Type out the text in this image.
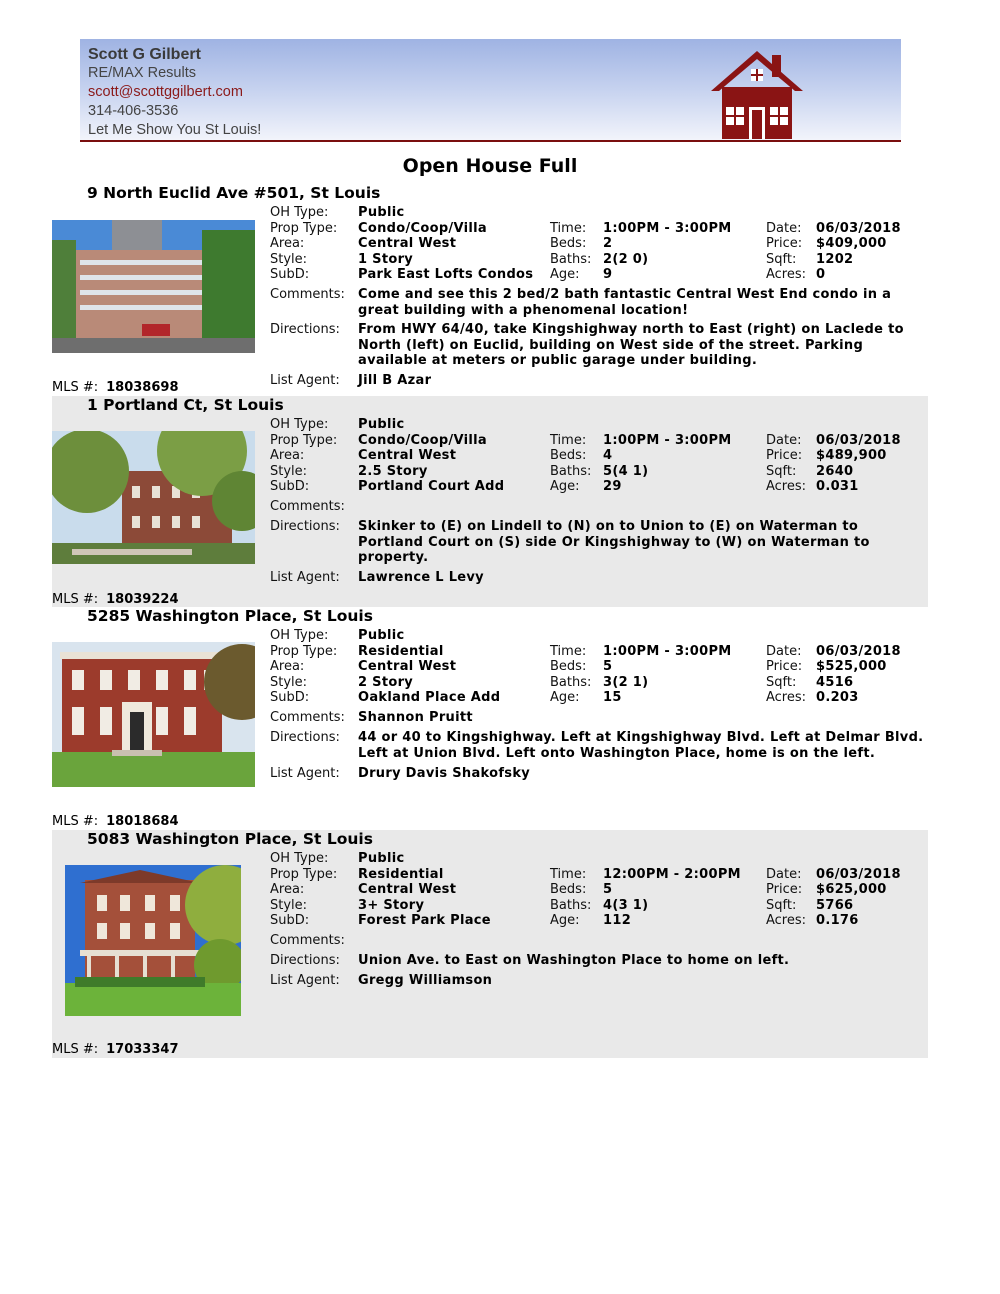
Scott G Gilbert
RE/MAX Results
scott@scottggilbert.com
314-406-3536
Let Me Show You St Louis!
Open House Full
9 North Euclid Ave #501, St Louis
MLS #: 18038698
OH Type: Public
Prop Type: Condo/Coop/Villa
Area:	Central West
Style:	1 Story
SubD:	Park East Lofts Condos
Time: 1:00PM - 3:00PM
Beds: 2
Baths: 2(2 0)
Age: 9
Date: 06/03/2018
Price: $409,000
Sqft: 1202
Acres: 0
Comments: Come and see this 2 bed/2 bath fantastic Central West End condo in a great building with a phenomenal location!
Directions: From HWY 64/40, take Kingshighway north to East (right) on Laclede to North (left) on Euclid, building on West side of the street. Parking available at meters or public garage under building.
List Agent: Jill B Azar
1 Portland Ct, St Louis
MLS #: 18039224
OH Type: Public
Prop Type: Condo/Coop/Villa
Area:	Central West
Style:	2.5 Story
SubD:	Portland Court Add
Time: 1:00PM - 3:00PM
Beds: 4
Baths: 5(4 1)
Age: 29
Date: 06/03/2018
Price: $489,900
Sqft: 2640
Acres: 0.031
Comments:
Directions: Skinker to (E) on Lindell to (N) on to Union to (E) on Waterman to Portland Court on (S) side Or Kingshighway to (W) on Waterman to property.
List Agent: Lawrence L Levy
5285 Washington Place, St Louis
MLS #: 18018684
OH Type: Public
Prop Type: Residential
Area:	Central West
Style:	2 Story
SubD:	Oakland Place Add
Time: 1:00PM - 3:00PM
Beds: 5
Baths: 3(2 1)
Age: 15
Date: 06/03/2018
Price: $525,000
Sqft: 4516
Acres: 0.203
Comments: Shannon Pruitt
Directions: 44 or 40 to Kingshighway. Left at Kingshighway Blvd. Left at Delmar Blvd. Left at Union Blvd. Left onto Washington Place, home is on the left.
List Agent: Drury Davis Shakofsky
5083 Washington Place, St Louis
MLS #: 17033347
OH Type: Public
Prop Type: Residential
Area:	Central West
Style:	3+ Story
SubD:	Forest Park Place
Time: 12:00PM - 2:00PM
Beds: 5
Baths: 4(3 1)
Age: 112
Date: 06/03/2018
Price: $625,000
Sqft: 5766
Acres: 0.176
Comments:
Directions: Union Ave. to East on Washington Place to home on left.
List Agent: Gregg Williamson
